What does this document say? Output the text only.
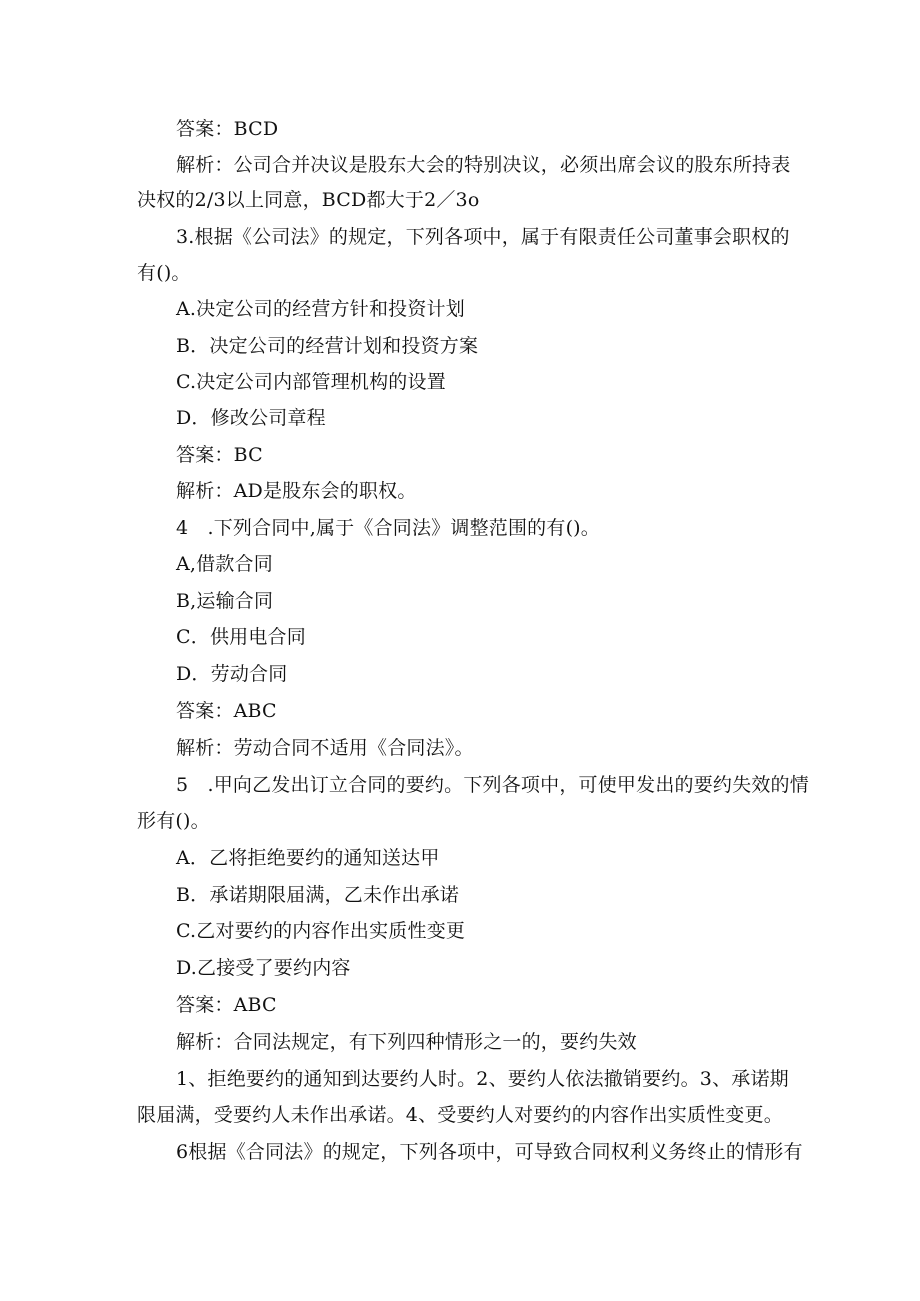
答案：BCD
解析：公司合并决议是股东大会的特别决议，必须出席会议的股东所持表
决权的2/3以上同意，BCD都大于2／3o
3.根据《公司法》的规定，下列各项中，属于有限责任公司董事会职权的
有()。
A.决定公司的经营方针和投资计划
B．决定公司的经营计划和投资方案
C.决定公司内部管理机构的设置
D．修改公司章程
答案：BC
解析：AD是股东会的职权。
4　.下列合同中,属于《合同法》调整范围的有()。
A,借款合同
B,运输合同
C．供用电合同
D．劳动合同
答案：ABC
解析：劳动合同不适用《合同法》。
5　.甲向乙发出订立合同的要约。下列各项中，可使甲发出的要约失效的情
形有()。
A．乙将拒绝要约的通知送达甲
B．承诺期限届满，乙未作出承诺
C.乙对要约的内容作出实质性变更
D.乙接受了要约内容
答案：ABC
解析：合同法规定，有下列四种情形之一的，要约失效
1、拒绝要约的通知到达要约人时。2、要约人依法撤销要约。3、承诺期
限届满，受要约人未作出承诺。4、受要约人对要约的内容作出实质性变更。
6根据《合同法》的规定，下列各项中，可导致合同权利义务终止的情形有
